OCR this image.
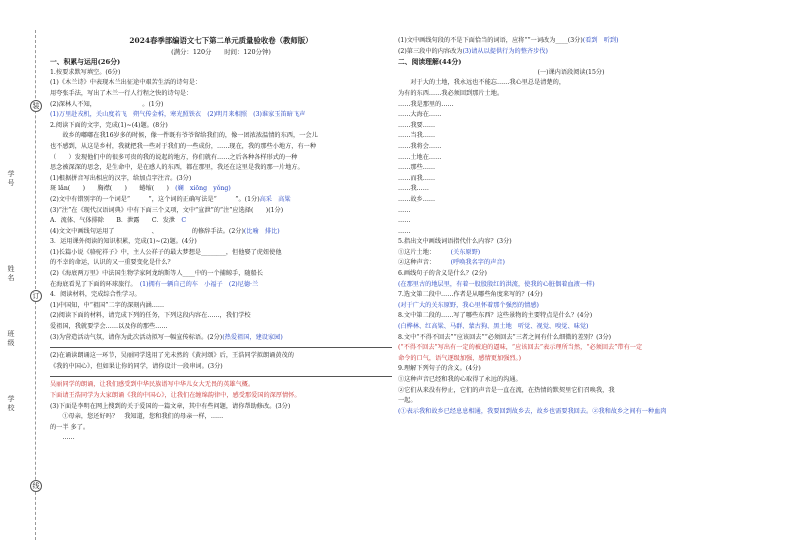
学号
姓名
班级
学校
装
订
线
2024春季部编语文七下第二单元质量验收卷（教师版）
(满分：120分　　时间：120分钟)
一、积累与运用(26分)
1.按要求默写填空。(6分)
(1)《木兰诗》中表现木兰出征途中艰苦生活的诗句是：
用夸张手法，写出了木兰一行人行程之快的诗句是：
(2)深林人不知，　　　　　　　　	。(1分)
(1)万里赴戎机，关山度若飞　朔气传金柝，寒光照铁衣　(2)明月来相照　(3)谁家玉笛暗飞声
2.阅读下面的文字，完成(1)~(4)题。(8分)
　　故乡的嘟嘟在我16岁多的时候，像一件既有爷爷留给我们的，像一团浓浓温情的东西，一会儿
也不感到，从这是乡村，我就把我一些对于我们的一些成份，……现在，我的那些小地方，有一种
（　　）发现他们中的很多可贵的我的说起的地方，你们就有……之后各种各样形式的一种
思念被深深的思念，是生命中，是在感人的东西，都在那里，我还在这里是我的那一片地方。
(1)根据拼音写出相应的汉字，给加点字注音。(3分)
斑 lǎn(　　)　　胸襟(　　)　　蜷缩(　　)　 (斓　xiōng　yǒng)
(2)文中有错别字的一个词是“　　　”，这个词的正确写法是“　　　”。(1分)高采　高粱
(3)“注”在《现代汉语词典》中有下面三个义项，文中“宣泄”的“注”应选择(　　)(1分)
A．流体、气体排除　　B．泄露　　C．发泄　 C
(4)文文中画线句运用了　　　　　　、　　　　　　的修辞手法。(2分)(比喻　排比)
3．运用课外阅读的知识积累，完成(1)~(2)题。(4分)
(1)长篇小说《骆驼祥子》中，主人公祥子的最大梦想是________，但他娶了虎妞使他
的不幸的命运，认识的又一重要变化是什么？
(2)《海底两万里》中法国生物学家阿龙纳斯等人____中的一个捕鲸手，随船长
在海底看见了下面的环球旅行。　 (1)拥有一辆自己的车　小福子　(2)尼德·兰
4．阅读材料，完成综合性学习。
(1)中国知，中“祖国”二字的深刻内涵……
(2)阅读下面的材料，请完成下列的任务，下列这段内容在……，我们学校
爱祖国，我就要学会……以及你的那些……
(3)为营造活动气氛，请你为此次活动拟写一幅宣传标语。(2分)(热爱祖国，建设家园)
(2)在诵读朗诵这一环节，吴丽同学选用了光未然的《黄河颂》后，王浩同学拟朗诵黄茂的
《我的中国心》，但如果让你的同学，请你设计一段串词。(3分)
吴丽同学的朗诵，让我们感受到中华民族谱写中华儿女大无畏的英雄气概。
下面请王浩同学为大家朗诵《我的中国心》，让我们在缠绵韵律中，感受那爱国的深厚情怀。
(3)下面是李明在网上搜到的关于爱国的一篇文章，其中有些问题，请你帮助修改。(3分)
　　①母亲，您还好吗？　我知道，您和我们的母亲一样，……
的一半 多了。
　　……
(1)文中画线句段的不是下面恰当的词语，应将“”一词改为____(3分)(看到　听到)
(2)第三段中的内容改为(3)请从以提供行为的整齐步伐)
二、阅读理解(44分)
(一)课内语段阅读(15分)
　　对于大的土地，我永远也不能忘……我心里总是清楚的，
为有的东西……我必须回到那片土地。
……我是那里的……
……大海在……
……我要……
……当我……
……我将会……
……土地在……
……那些……
……而我……
……我……
……故乡……
……
……
……
5.指出文中画线词语指代什么内容？(3分)
①这片土地：　　　	(关东原野)
②这种声音：　　　	(呼唤我名字的声音)
6.画线句子的含义是什么？(2分)
(在那里古的地层里，有着一股股殷红的洪流，使我的心脏偶着血液一样)
7.选文第二段中……作者是从哪些角度来写的？(4分)
(对于广大的关东原野，我心里怀着那个强烈的情感)
8.文中第二段的……写了哪些东西？这些景物的主要特点是什么？(4分)
(白桦林、红高粱、马群、蒙古狗、黑土地　听觉、视觉、嗅觉、味觉)
8.文中“不得不回去”“应该回去”“必须回去”三者之间有什么细微的差别？(3分)
(“不得不回去”写出有一定的被迫的逼味，“应该回去”表示理所当然，“必须回去”带有一定
命令的口气，语气逐级加强，感情更加强烈。)
9.理解下列句子的含义。(4分)
①这种声音已经和我的心取得了永远的沟通。
②它们从来没有停止，它们的声音是一直在流，在热情的默契里它们召唤我，我
一起。
(①表示我和故乡已经息息相通，我要回到故乡去，故乡也需要我回去。②我和故乡之间有一种血肉
